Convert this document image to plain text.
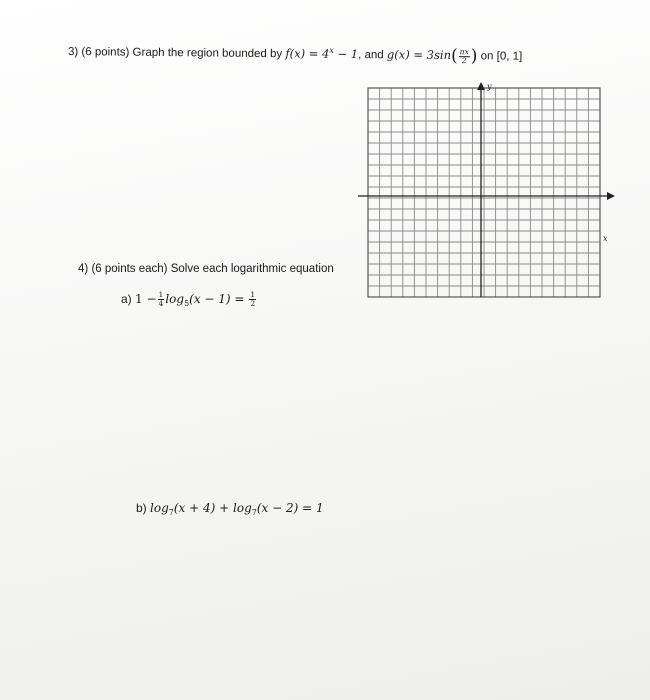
3) (6 points) Graph the region bounded by $f(x) = 4^x - 1$, and $g(x) = 3\sin( \frac{\pi x}{2}$ ) on [0, 1]
y
x
4) (6 points each) Solve each logarithmic equation
a) $1 - \frac{1}{4} \log_5(x - 1) = \frac{1}{2}$
b) $\log_7(x + 4) + \log_7(x - 2) = 1$
